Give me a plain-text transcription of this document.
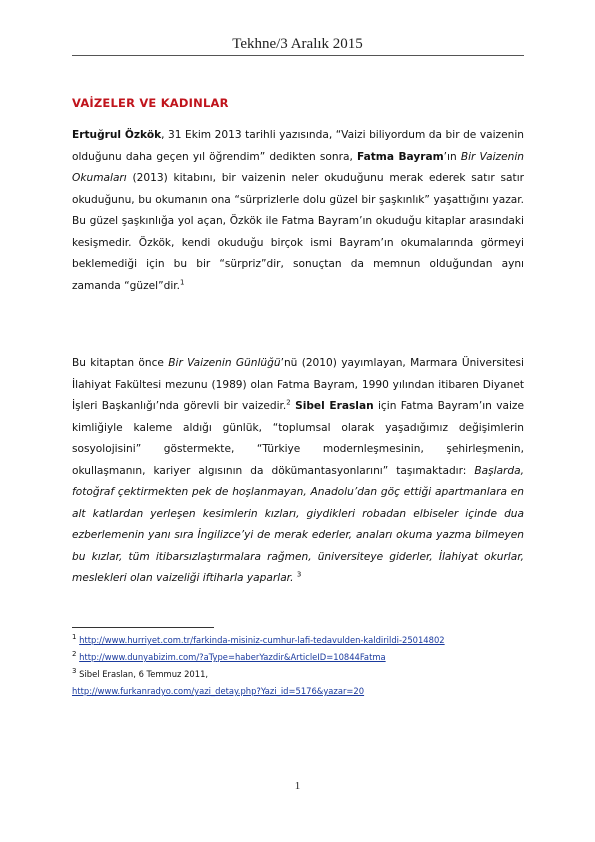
Tekhne/3 Aralık 2015
VAİZELER VE KADINLAR
Ertuğrul Özkök, 31 Ekim 2013 tarihli yazısında, “Vaizi biliyordum da bir de vaizenin olduğunu daha geçen yıl öğrendim” dedikten sonra, Fatma Bayram’ın Bir Vaizenin Okumaları (2013) kitabını, bir vaizenin neler okuduğunu merak ederek satır satır okuduğunu, bu okumanın ona “sürprizlerle dolu güzel bir şaşkınlık” yaşattığını yazar. Bu güzel şaşkınlığa yol açan, Özkök ile Fatma Bayram’ın okuduğu kitaplar arasındaki kesişmedir. Özkök, kendi okuduğu birçok ismi Bayram’ın okumalarında görmeyi beklemediği için bu bir “sürpriz”dir, sonuçtan da memnun olduğundan aynı zamanda “güzel”dir.$^1$
Bu kitaptan önce Bir Vaizenin Günlüğü’nü (2010) yayımlayan, Marmara Üniversitesi İlahiyat Fakültesi mezunu (1989) olan Fatma Bayram, 1990 yılından itibaren Diyanet İşleri Başkanlığı’nda görevli bir vaizedir.$^2$ Sibel Eraslan için Fatma Bayram’ın vaize kimliğiyle kaleme aldığı günlük, “toplumsal olarak yaşadığımız değişimlerin sosyolojisini” göstermekte, “Türkiye modernleşmesinin, şehirleşmenin, okullaşmanın, kariyer algısının da dökümantasyonlarını” taşımaktadır: Başlarda, fotoğraf çektirmekten pek de hoşlanmayan, Anadolu’dan göç ettiği apartmanlara en alt katlardan yerleşen kesimlerin kızları, giydikleri robadan elbiseler içinde dua ezberlemenin yanı sıra İngilizce’yi de merak ederler, anaları okuma yazma bilmeyen bu kızlar, tüm itibarsızlaştırmalara rağmen, üniversiteye giderler, İlahiyat okurlar, meslekleri olan vaizeliği iftiharla yaparlar. $^3$

$^1$ http://www.hurriyet.com.tr/farkinda-misiniz-cumhur-lafi-tedavulden-kaldirildi-25014802

$^2$ http://www.dunyabizim.com/?aType=haberYazdir&ArticleID=10844Fatma

$^3$ Sibel Eraslan, 6 Temmuz 2011,

http://www.furkanradyo.com/yazi_detay.php?Yazi_id=5176&yazar=20

1
